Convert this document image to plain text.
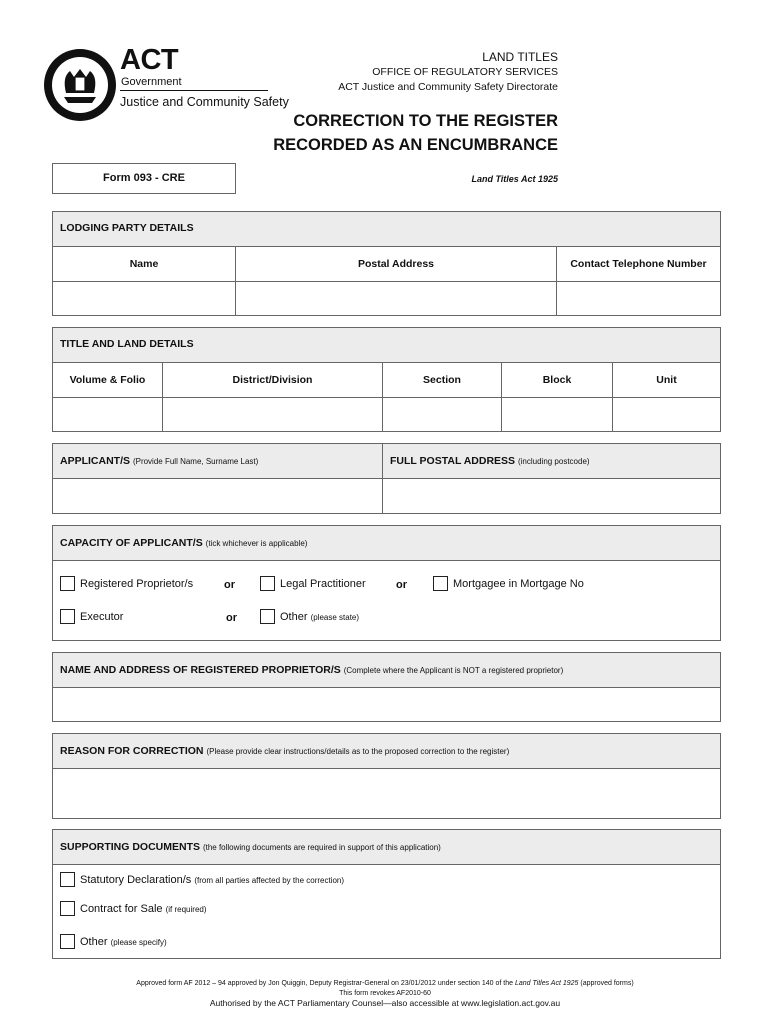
ACT
Government
Justice and Community Safety
LAND TITLES
OFFICE OF REGULATORY SERVICES
ACT Justice and Community Safety Directorate
CORRECTION TO THE REGISTER
RECORDED AS AN ENCUMBRANCE
Form 093 - CRE	Land Titles Act 1925
LODGING PARTY DETAILS
Name	Postal Address	Contact Telephone Number
TITLE AND LAND DETAILS
Volume & Folio	District/Division	Section	Block	Unit
APPLICANT/S (Provide Full Name, Surname Last)	FULL POSTAL ADDRESS (including postcode)
CAPACITY OF APPLICANT/S (tick whichever is applicable)
Registered Proprietor/s	or	Legal Practitioner	or	Mortgagee in Mortgage No
Executor	or	Other (please state)
NAME AND ADDRESS OF REGISTERED PROPRIETOR/S (Complete where the Applicant is NOT a registered proprietor)
REASON FOR CORRECTION (Please provide clear instructions/details as to the proposed correction to the register)
SUPPORTING DOCUMENTS (the following documents are required in support of this application)
Statutory Declaration/s (from all parties affected by the correction)
Contract for Sale (if required)
Other (please specify)
Approved form AF 2012 – 94 approved by Jon Quiggin, Deputy Registrar-General on 23/01/2012 under section 140 of the Land Titles Act 1925 (approved forms)
This form revokes AF2010-60
Authorised by the ACT Parliamentary Counsel—also accessible at www.legislation.act.gov.au
